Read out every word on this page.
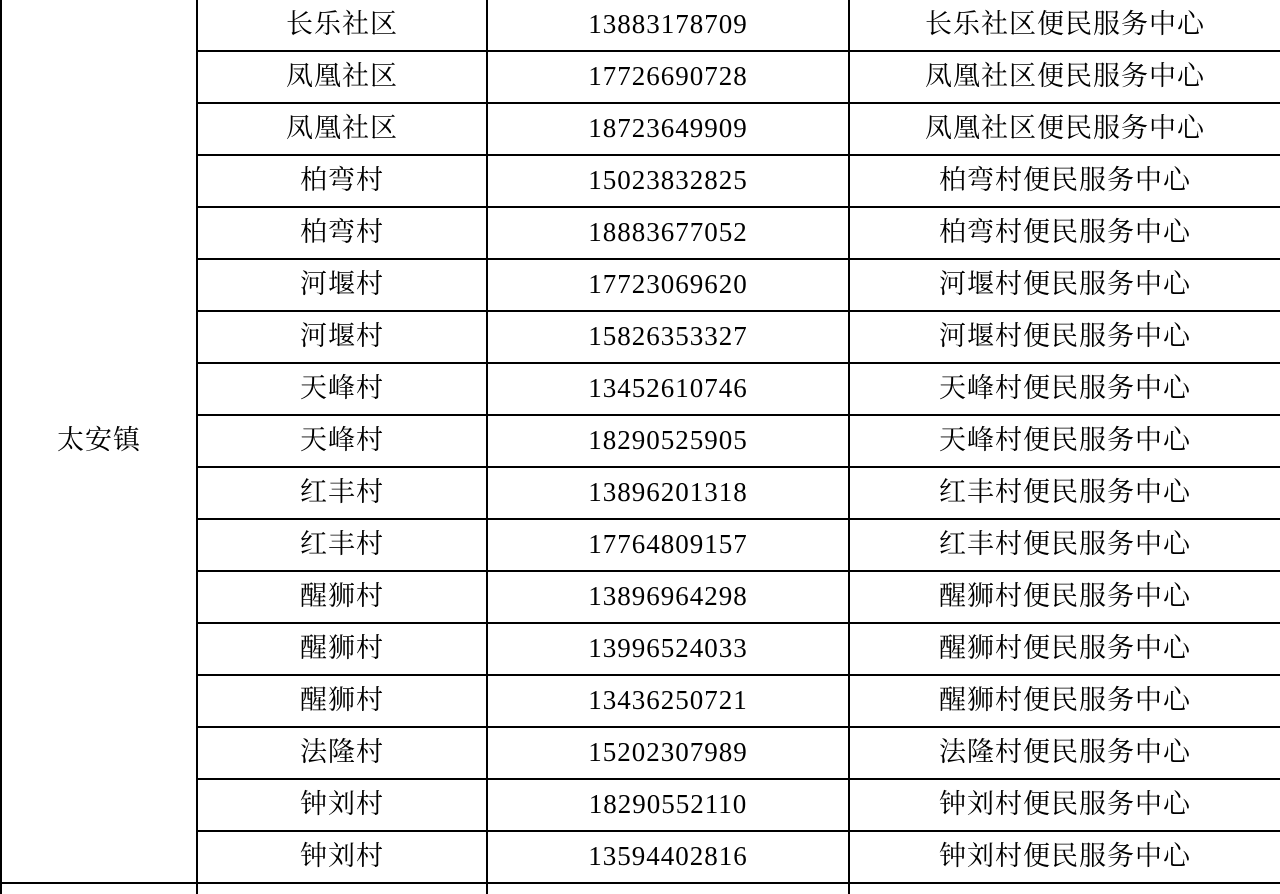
太安镇	长乐社区	13883178709	长乐社区便民服务中心
	凤凰社区	17726690728	凤凰社区便民服务中心
	凤凰社区	18723649909	凤凰社区便民服务中心
	柏弯村	15023832825	柏弯村便民服务中心
	柏弯村	18883677052	柏弯村便民服务中心
	河堰村	17723069620	河堰村便民服务中心
	河堰村	15826353327	河堰村便民服务中心
	天峰村	13452610746	天峰村便民服务中心
	天峰村	18290525905	天峰村便民服务中心
	红丰村	13896201318	红丰村便民服务中心
	红丰村	17764809157	红丰村便民服务中心
	醒狮村	13896964298	醒狮村便民服务中心
	醒狮村	13996524033	醒狮村便民服务中心
	醒狮村	13436250721	醒狮村便民服务中心
	法隆村	15202307989	法隆村便民服务中心
	钟刘村	18290552110	钟刘村便民服务中心
	钟刘村	13594402816	钟刘村便民服务中心
